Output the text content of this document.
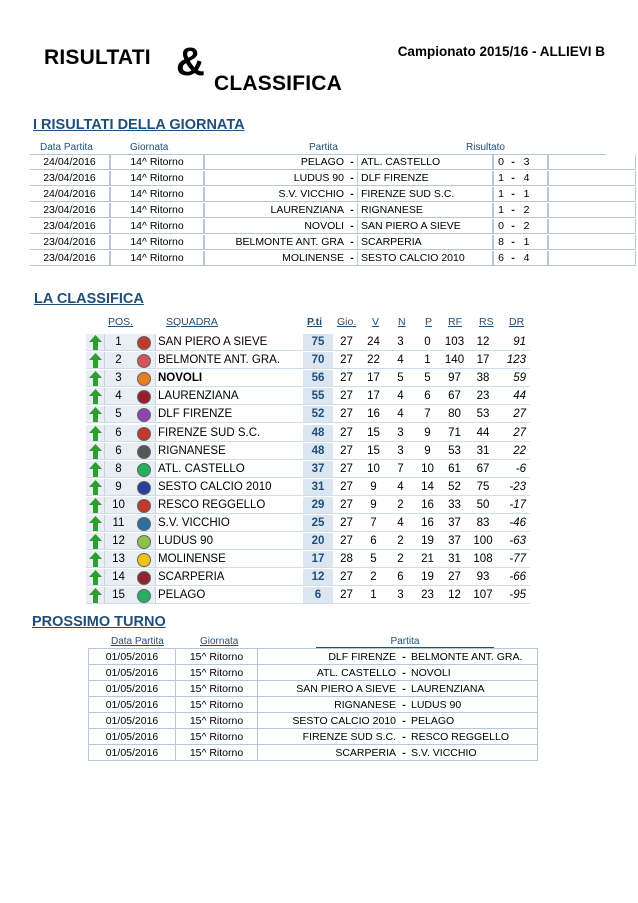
RISULTATI & CLASSIFICA
Campionato 2015/16 - ALLIEVI B
I RISULTATI DELLA GIORNATA
Data Partita	Giornata	Partita	Risultato
24/04/2016	14^ Ritorno	PELAGO - ATL. CASTELLO	0 - 3
23/04/2016	14^ Ritorno	LUDUS 90 - DLF FIRENZE	1 - 4
24/04/2016	14^ Ritorno	S.V. VICCHIO - FIRENZE SUD S.C.	1 - 1
23/04/2016	14^ Ritorno	LAURENZIANA - RIGNANESE	1 - 2
23/04/2016	14^ Ritorno	NOVOLI - SAN PIERO A SIEVE	0 - 2
23/04/2016	14^ Ritorno	BELMONTE ANT. GRA - SCARPERIA	8 - 1
23/04/2016	14^ Ritorno	MOLINENSE - SESTO CALCIO 2010	6 - 4
LA CLASSIFICA
POS.	SQUADRA	P.ti Gio. V N P RF RS DR
1	SAN PIERO A SIEVE	75	27	24	3	0	103	12	91
2	BELMONTE ANT. GRA.	70	27	22	4	1	140	17	123
3	NOVOLI	56	27	17	5	5	97	38	59
4	LAURENZIANA	55	27	17	4	6	67	23	44
5	DLF FIRENZE	52	27	16	4	7	80	53	27
6	FIRENZE SUD S.C.	48	27	15	3	9	71	44	27
6	RIGNANESE	48	27	15	3	9	53	31	22
8	ATL. CASTELLO	37	27	10	7	10	61	67	-6
9	SESTO CALCIO 2010	31	27	9	4	14	52	75	-23
10	RESCO REGGELLO	29	27	9	2	16	33	50	-17
11	S.V. VICCHIO	25	27	7	4	16	37	83	-46
12	LUDUS 90	20	27	6	2	19	37	100	-63
13	MOLINENSE	17	28	5	2	21	31	108	-77
14	SCARPERIA	12	27	2	6	19	27	93	-66
15	PELAGO	6	27	1	3	23	12	107	-95
PROSSIMO TURNO
Data Partita	Giornata	Partita
01/05/2016	15^ Ritorno	DLF FIRENZE - BELMONTE ANT. GRA.
01/05/2016	15^ Ritorno	ATL. CASTELLO - NOVOLI
01/05/2016	15^ Ritorno	SAN PIERO A SIEVE - LAURENZIANA
01/05/2016	15^ Ritorno	RIGNANESE - LUDUS 90
01/05/2016	15^ Ritorno	SESTO CALCIO 2010 - PELAGO
01/05/2016	15^ Ritorno	FIRENZE SUD S.C. - RESCO REGGELLO
01/05/2016	15^ Ritorno	SCARPERIA - S.V. VICCHIO
